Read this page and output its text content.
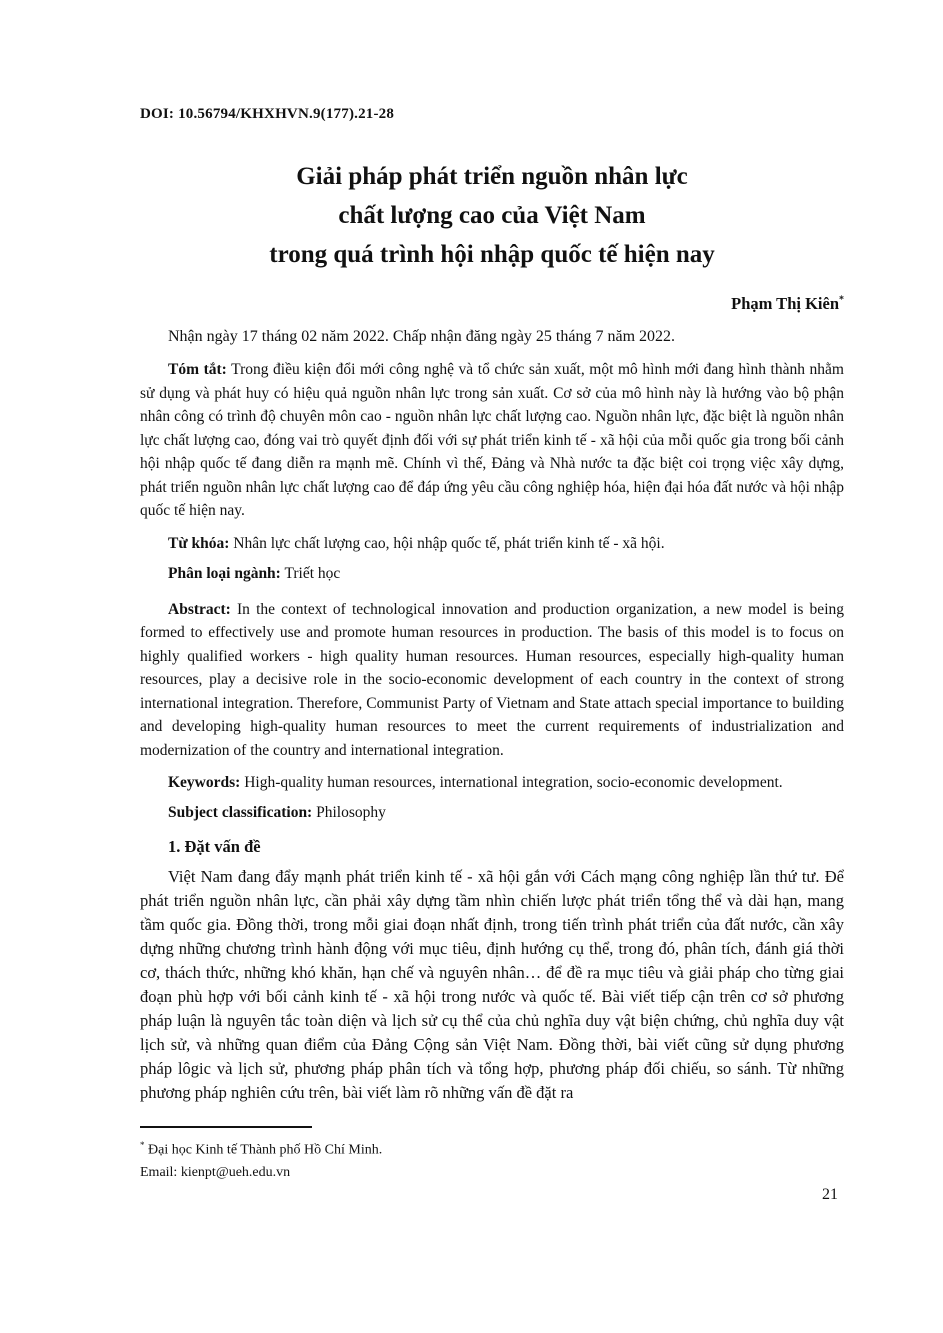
DOI: 10.56794/KHXHVN.9(177).21-28
Giải pháp phát triển nguồn nhân lực
chất lượng cao của Việt Nam
trong quá trình hội nhập quốc tế hiện nay
Phạm Thị Kiên*
Nhận ngày 17 tháng 02 năm 2022. Chấp nhận đăng ngày 25 tháng 7 năm 2022.

Tóm tắt: Trong điều kiện đổi mới công nghệ và tổ chức sản xuất, một mô hình mới đang hình thành nhằm sử dụng và phát huy có hiệu quả nguồn nhân lực trong sản xuất. Cơ sở của mô hình này là hướng vào bộ phận nhân công có trình độ chuyên môn cao - nguồn nhân lực chất lượng cao. Nguồn nhân lực, đặc biệt là nguồn nhân lực chất lượng cao, đóng vai trò quyết định đối với sự phát triển kinh tế - xã hội của mỗi quốc gia trong bối cảnh hội nhập quốc tế đang diễn ra mạnh mẽ. Chính vì thế, Đảng và Nhà nước ta đặc biệt coi trọng việc xây dựng, phát triển nguồn nhân lực chất lượng cao để đáp ứng yêu cầu công nghiệp hóa, hiện đại hóa đất nước và hội nhập quốc tế hiện nay.

Từ khóa: Nhân lực chất lượng cao, hội nhập quốc tế, phát triển kinh tế - xã hội.

Phân loại ngành: Triết học

Abstract: In the context of technological innovation and production organization, a new model is being formed to effectively use and promote human resources in production. The basis of this model is to focus on highly qualified workers - high quality human resources. Human resources, especially high-quality human resources, play a decisive role in the socio-economic development of each country in the context of strong international integration. Therefore, Communist Party of Vietnam and State attach special importance to building and developing high-quality human resources to meet the current requirements of industrialization and modernization of the country and international integration.

Keywords: High-quality human resources, international integration, socio-economic development.

Subject classification: Philosophy

1. Đặt vấn đề

Việt Nam đang đẩy mạnh phát triển kinh tế - xã hội gắn với Cách mạng công nghiệp lần thứ tư. Để phát triển nguồn nhân lực, cần phải xây dựng tầm nhìn chiến lược phát triển tổng thể và dài hạn, mang tầm quốc gia. Đồng thời, trong mỗi giai đoạn nhất định, trong tiến trình phát triển của đất nước, cần xây dựng những chương trình hành động với mục tiêu, định hướng cụ thể, trong đó, phân tích, đánh giá thời cơ, thách thức, những khó khăn, hạn chế và nguyên nhân… để đề ra mục tiêu và giải pháp cho từng giai đoạn phù hợp với bối cảnh kinh tế - xã hội trong nước và quốc tế. Bài viết tiếp cận trên cơ sở phương pháp luận là nguyên tắc toàn diện và lịch sử cụ thể của chủ nghĩa duy vật biện chứng, chủ nghĩa duy vật lịch sử, và những quan điểm của Đảng Cộng sản Việt Nam. Đồng thời, bài viết cũng sử dụng phương pháp lôgic và lịch sử, phương pháp phân tích và tổng hợp, phương pháp đối chiếu, so sánh. Từ những phương pháp nghiên cứu trên, bài viết làm rõ những vấn đề đặt ra

* Đại học Kinh tế Thành phố Hồ Chí Minh.
Email: kienpt@ueh.edu.vn
21
